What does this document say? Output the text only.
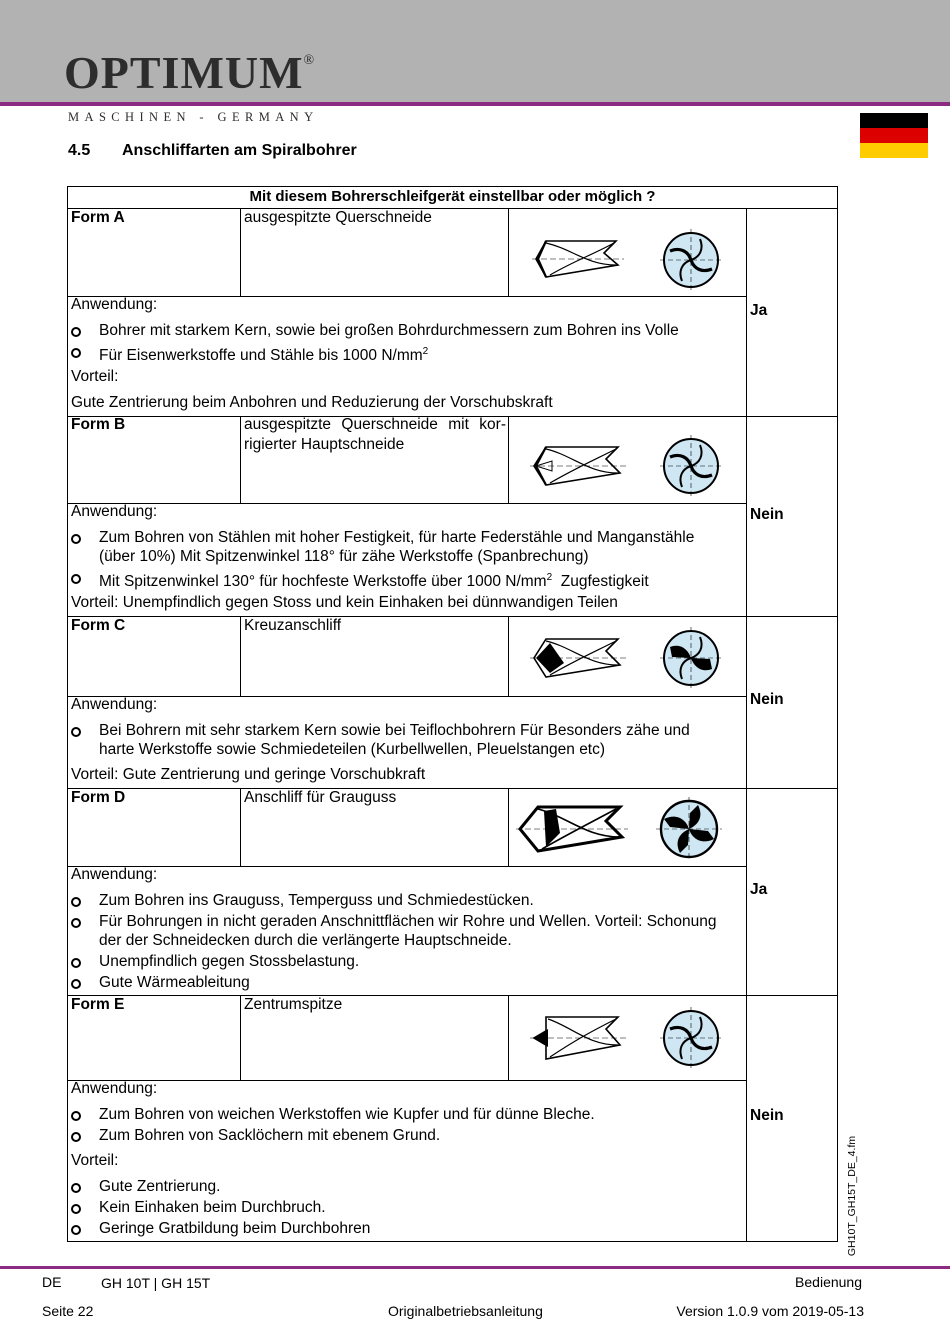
OPTIMUM®
MASCHINEN - GERMANY
4.5 Anschliffarten am Spiralbohrer
Mit diesem Bohrerschleifgerät einstellbar oder möglich ?
Form A	ausgespitzte Querschneide
Anwendung:
Bohrer mit starkem Kern, sowie bei großen Bohrdurchmessern zum Bohren ins Volle
Für Eisenwerkstoffe und Stähle bis 1000 $N/mm^2$
Vorteil:
Gute Zentrierung beim Anbohren und Reduzierung der Vorschubskraft
Ja
Form B	ausgespitzte Querschneide mit kor-
rigierter Hauptschneide
Anwendung:
Zum Bohren von Stählen mit hoher Festigkeit, für harte Federstähle und Manganstähle
(über 10%) Mit Spitzenwinkel 118° für zähe Werkstoffe (Spanbrechung)
Mit Spitzenwinkel 130° für hochfeste Werkstoffe über 1000 $N/mm^2$ Zugfestigkeit
Vorteil: Unempfindlich gegen Stoss und kein Einhaken bei dünnwandigen Teilen
Nein
Form C	Kreuzanschliff
Anwendung:
Bei Bohrern mit sehr starkem Kern sowie bei Teiflochbohrern Für Besonders zähe und
harte Werkstoffe sowie Schmiedeteilen (Kurbellwellen, Pleuelstangen etc)
Vorteil: Gute Zentrierung und geringe Vorschubkraft
Nein
Form D	Anschliff für Grauguss
Anwendung:
Zum Bohren ins Grauguss, Temperguss und Schmiedestücken.
Für Bohrungen in nicht geraden Anschnittflächen wir Rohre und Wellen. Vorteil: Schonung
der der Schneidecken durch die verlängerte Hauptschneide.
Unempfindlich gegen Stossbelastung.
Gute Wärmeableitung
Ja
Form E	Zentrumspitze
Anwendung:
Zum Bohren von weichen Werkstoffen wie Kupfer und für dünne Bleche.
Zum Bohren von Sacklöchern mit ebenem Grund.
Vorteil:
Gute Zentrierung.
Kein Einhaken beim Durchbruch.
Geringe Gratbildung beim Durchbohren
Nein
GH10T_GH15T_DE_4.fm
DE	GH 10T | GH 15T	Bedienung
Seite 22	Originalbetriebsanleitung	Version 1.0.9 vom 2019-05-13
